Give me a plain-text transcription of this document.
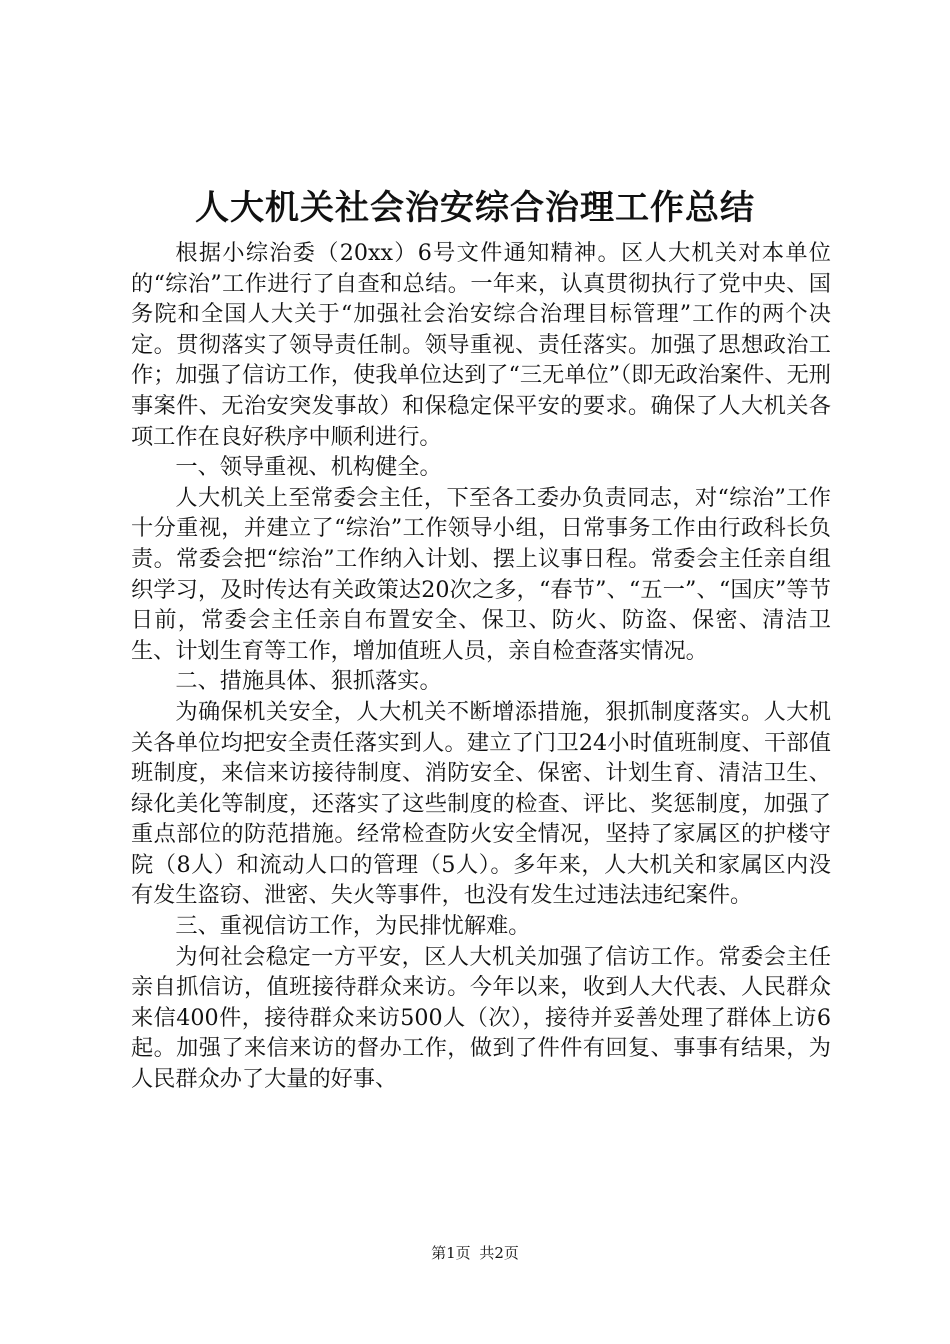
人大机关社会治安综合治理工作总结

根据小综治委（20xx）6号文件通知精神。区人大机关对本单位的“综治”工作进行了自查和总结。一年来，认真贯彻执行了党中央、国务院和全国人大关于“加强社会治安综合治理目标管理”工作的两个决定。贯彻落实了领导责任制。领导重视、责任落实。加强了思想政治工作；加强了信访工作，使我单位达到了“三无单位”（即无政治案件、无刑事案件、无治安突发事故）和保稳定保平安的要求。确保了人大机关各项工作在良好秩序中顺利进行。

一、领导重视、机构健全。

人大机关上至常委会主任，下至各工委办负责同志，对“综治”工作十分重视，并建立了“综治”工作领导小组，日常事务工作由行政科长负责。常委会把“综治”工作纳入计划、摆上议事日程。常委会主任亲自组织学习，及时传达有关政策达20次之多，“春节”、“五一”、“国庆”等节日前，常委会主任亲自布置安全、保卫、防火、防盗、保密、清洁卫生、计划生育等工作，增加值班人员，亲自检查落实情况。

二、措施具体、狠抓落实。

为确保机关安全，人大机关不断增添措施，狠抓制度落实。人大机关各单位均把安全责任落实到人。建立了门卫24小时值班制度、干部值班制度，来信来访接待制度、消防安全、保密、计划生育、清洁卫生、绿化美化等制度，还落实了这些制度的检查、评比、奖惩制度，加强了重点部位的防范措施。经常检查防火安全情况，坚持了家属区的护楼守院（8人）和流动人口的管理（5人）。多年来，人大机关和家属区内没有发生盗窃、泄密、失火等事件，也没有发生过违法违纪案件。

三、重视信访工作，为民排忧解难。

为何社会稳定一方平安，区人大机关加强了信访工作。常委会主任亲自抓信访，值班接待群众来访。今年以来，收到人大代表、人民群众来信400件，接待群众来访500人（次），接待并妥善处理了群体上访6起。加强了来信来访的督办工作，做到了件件有回复、事事有结果，为人民群众办了大量的好事、

第1页 共2页
